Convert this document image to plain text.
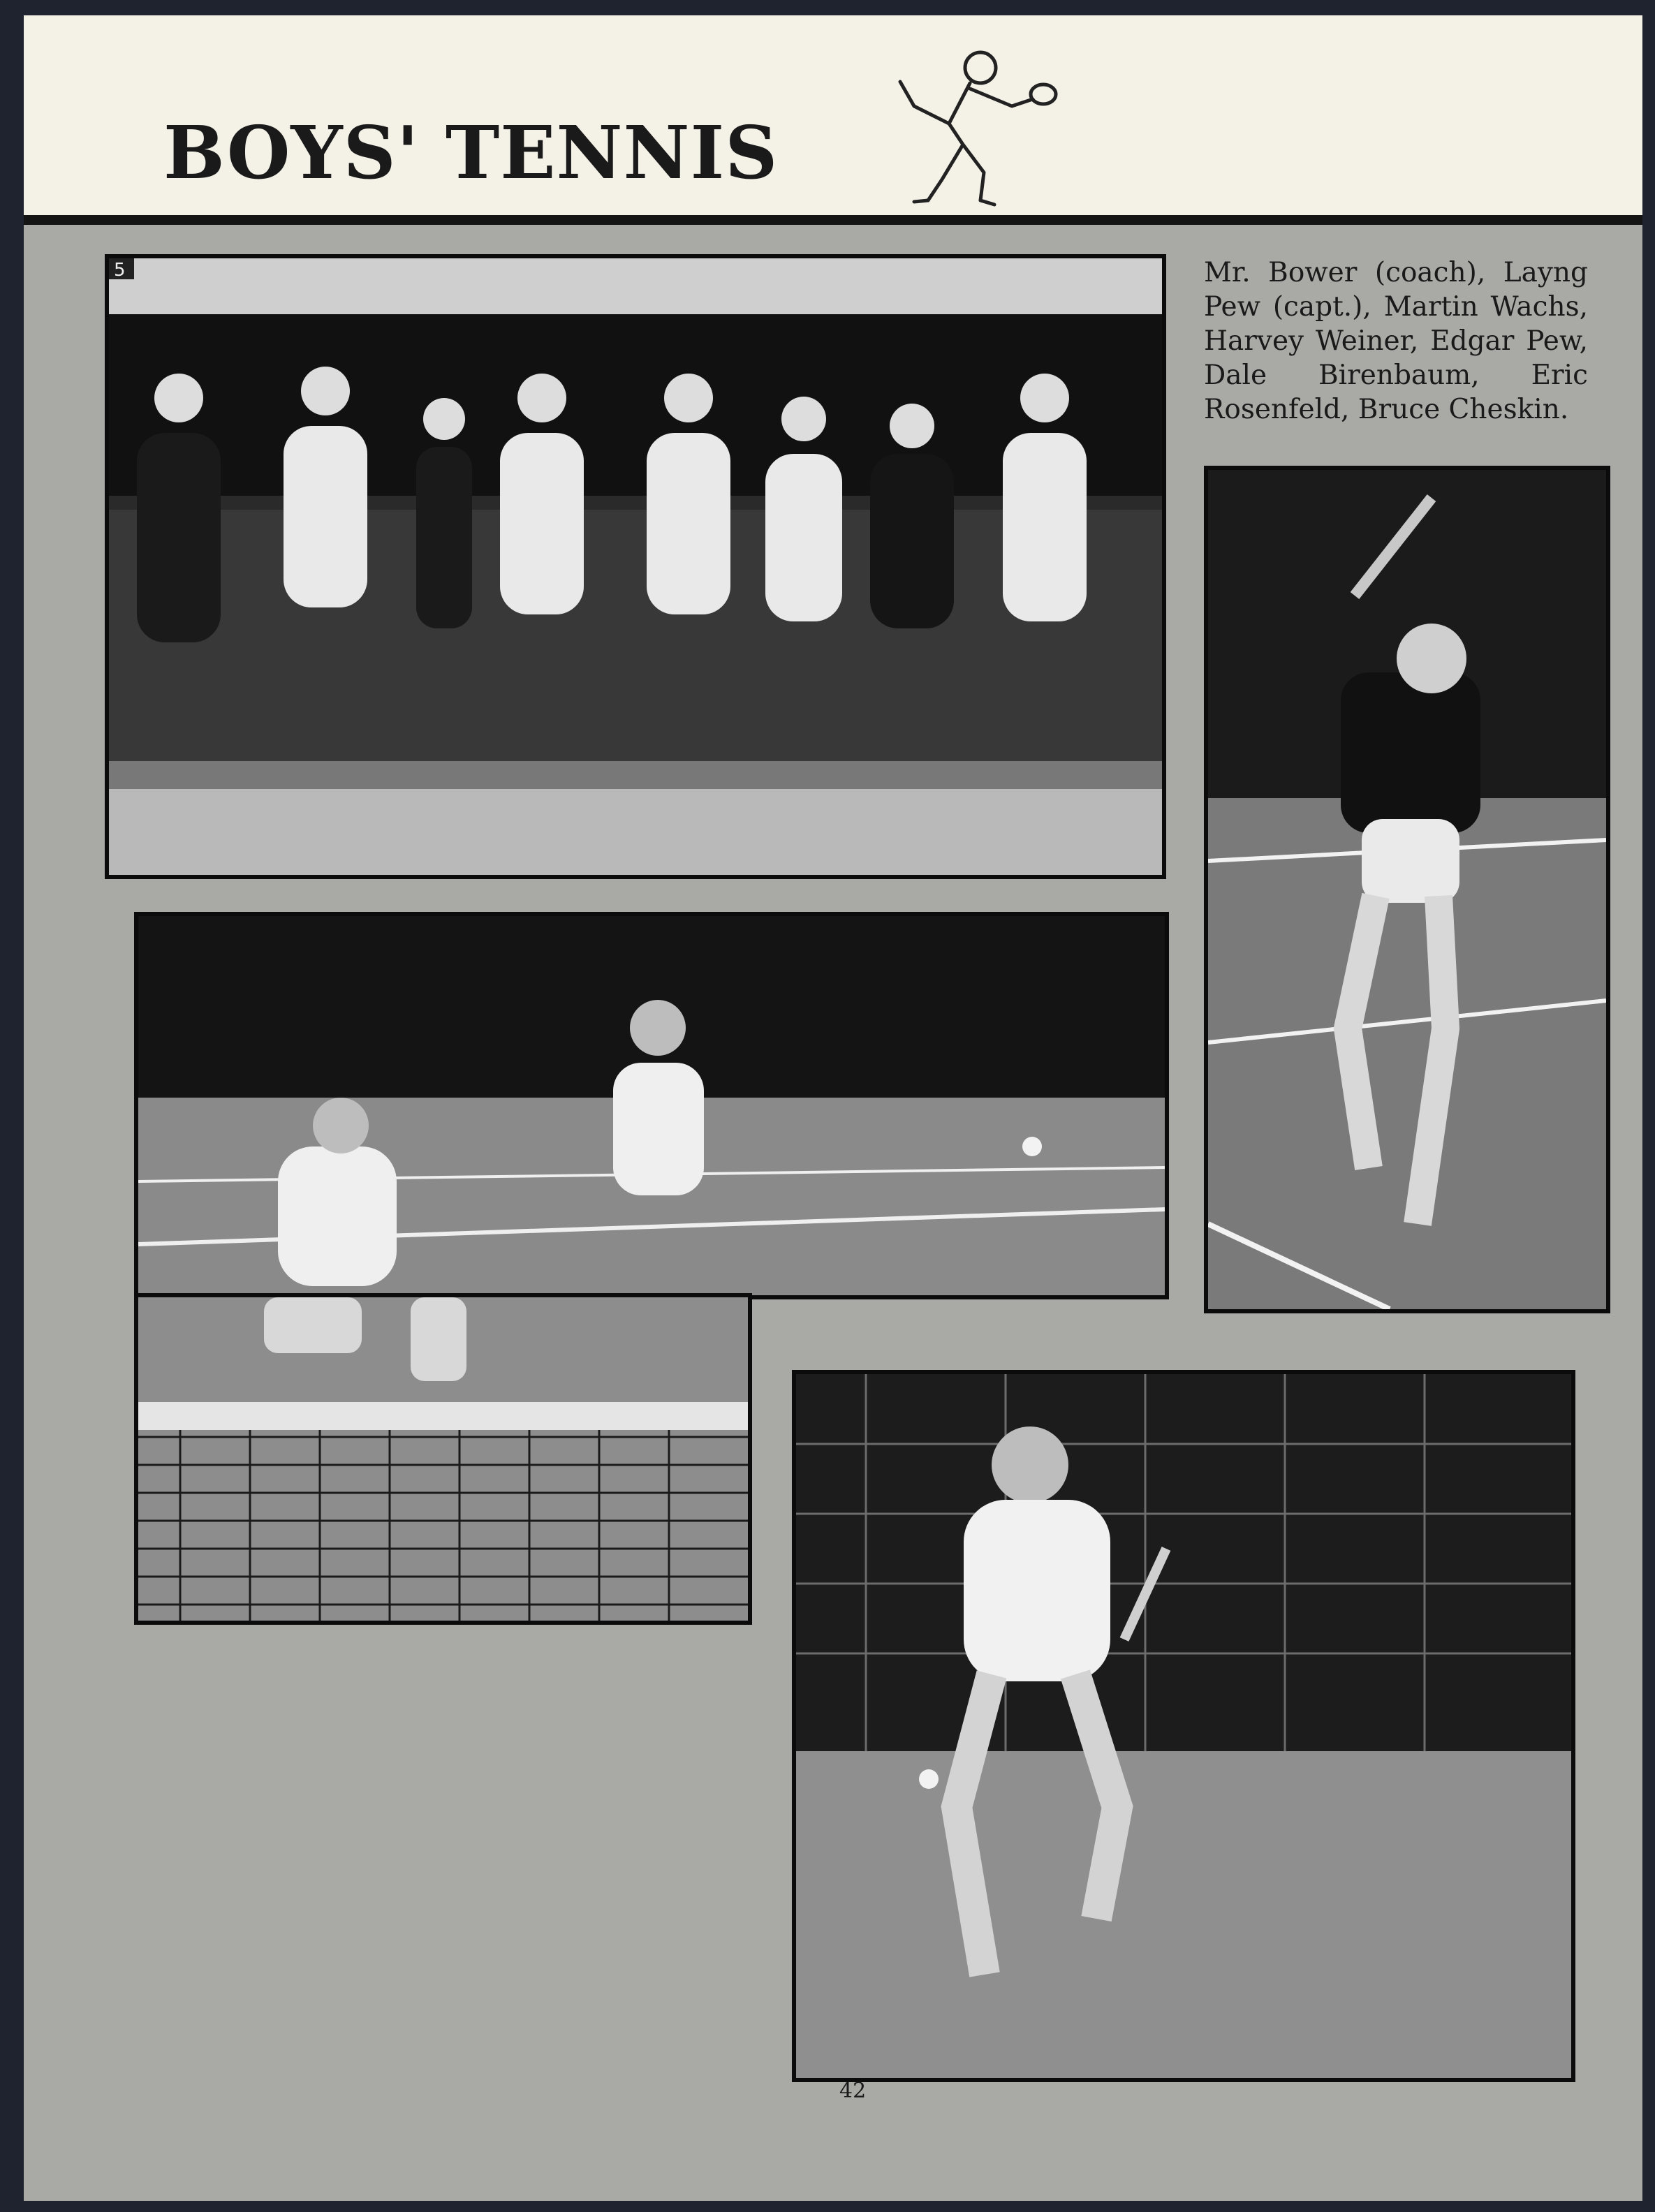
BOYS' TENNIS
5	Mr. Bower (coach), Layng Pew (capt.), Martin Wachs, Harvey Weiner, Edgar Pew, Dale Birenbaum, Eric Rosenfeld, Bruce Cheskin.

42
